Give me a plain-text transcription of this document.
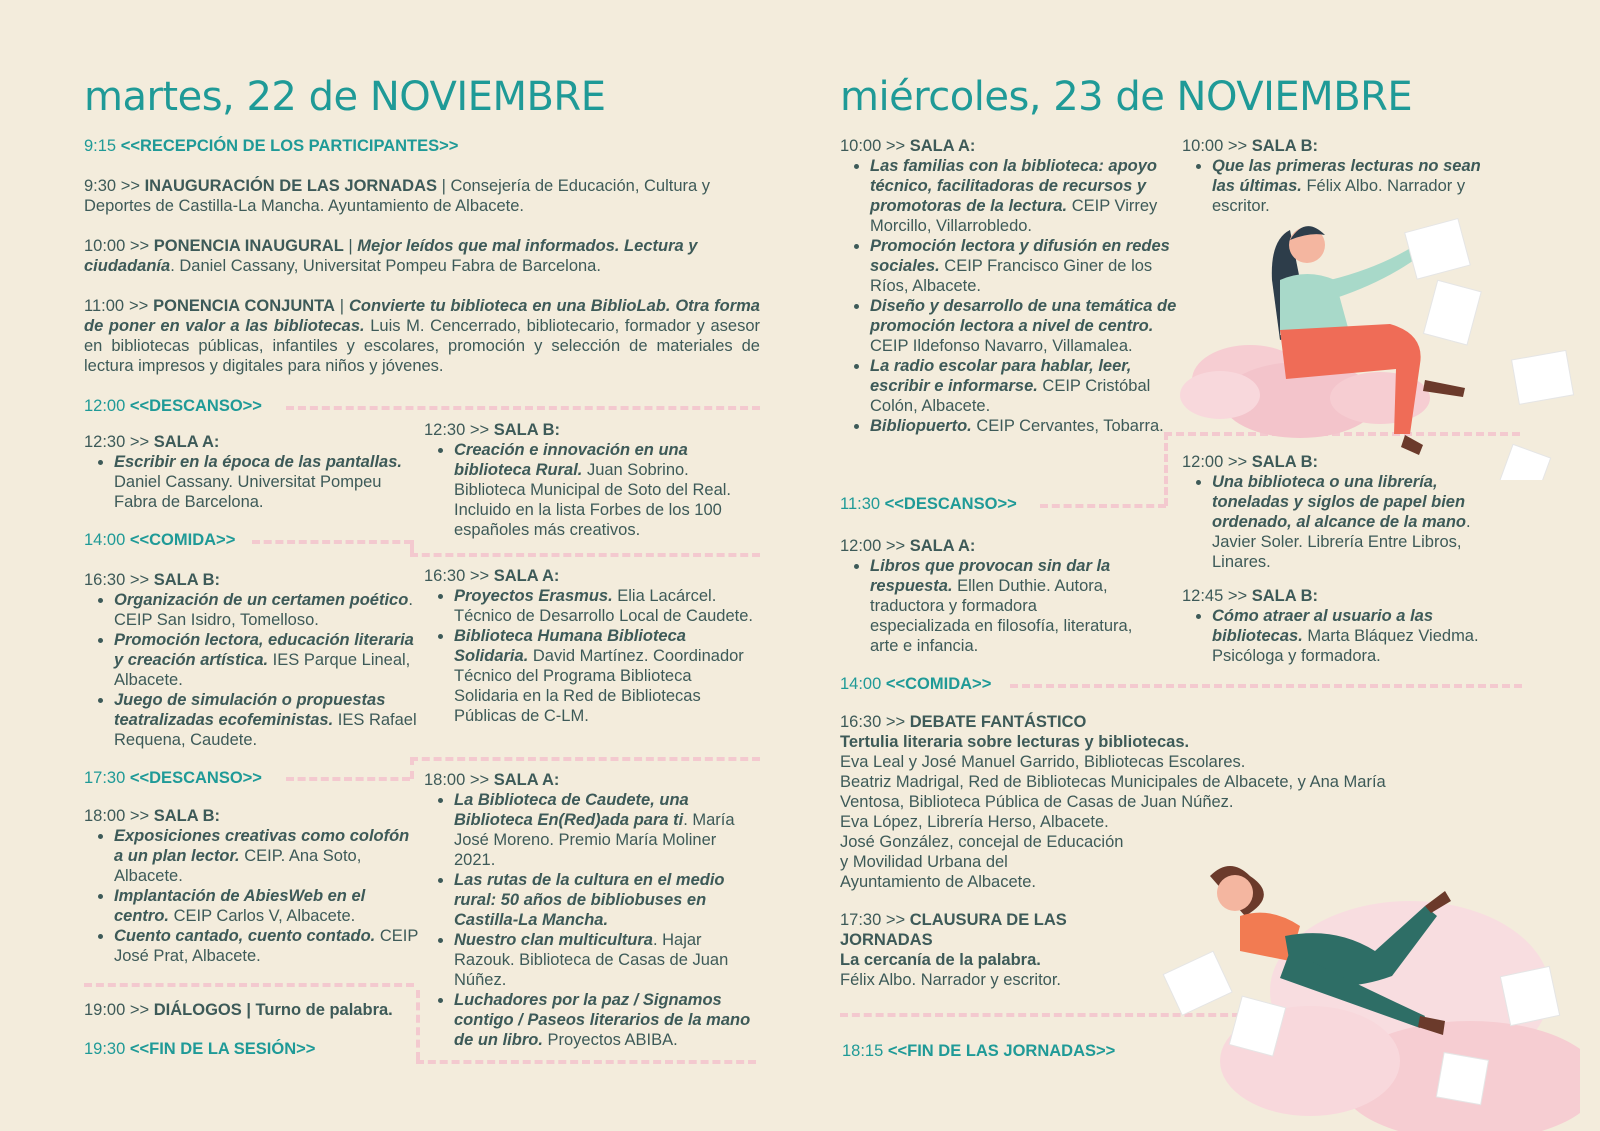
martes, 22 de NOVIEMBRE

9:15 <<RECEPCIÓN DE LOS PARTICIPANTES>>

9:30 >> INAUGURACIÓN DE LAS JORNADAS | Consejería de Educación, Cultura y Deportes de Castilla-La Mancha. Ayuntamiento de Albacete.

10:00 >> PONENCIA INAUGURAL | Mejor leídos que mal informados. Lectura y ciudadanía. Daniel Cassany, Universitat Pompeu Fabra de Barcelona.

11:00 >> PONENCIA CONJUNTA | Convierte tu biblioteca en una BiblioLab. Otra forma de poner en valor a las bibliotecas. Luis M. Cencerrado, bibliotecario, formador y asesor en bibliotecas públicas, infantiles y escolares, promoción y selección de materiales de lectura impresos y digitales para niños y jóvenes.

12:00 <<DESCANSO>>

12:30 >> SALA A:

• Escribir en la época de las pantallas. Daniel Cassany. Universitat Pompeu Fabra de Barcelona.

12:30 >> SALA B:

• Creación e innovación en una biblioteca Rural. Juan Sobrino. Biblioteca Municipal de Soto del Real. Incluido en la lista Forbes de los 100 españoles más creativos.

14:00 <<COMIDA>>

16:30 >> SALA B:

• Organización de un certamen poético. CEIP San Isidro, Tomelloso.
• Promoción lectora, educación literaria y creación artística. IES Parque Lineal, Albacete.
• Juego de simulación o propuestas teatralizadas ecofeministas. IES Rafael Requena, Caudete.

16:30 >> SALA A:

• Proyectos Erasmus. Elia Lacárcel. Técnico de Desarrollo Local de Caudete.
• Biblioteca Humana Biblioteca Solidaria. David Martínez. Coordinador Técnico del Programa Biblioteca Solidaria en la Red de Bibliotecas Públicas de C-LM.

17:30 <<DESCANSO>>

18:00 >> SALA B:

• Exposiciones creativas como colofón a un plan lector. CEIP. Ana Soto, Albacete.
• Implantación de AbiesWeb en el centro. CEIP Carlos V, Albacete.
• Cuento cantado, cuento contado. CEIP José Prat, Albacete.

18:00 >> SALA A:

• La Biblioteca de Caudete, una Biblioteca En(Red)ada para ti. María José Moreno. Premio María Moliner 2021.
• Las rutas de la cultura en el medio rural: 50 años de bibliobuses en Castilla-La Mancha.
• Nuestro clan multicultura. Hajar Razouk. Biblioteca de Casas de Juan Núñez.
• Luchadores por la paz / Signamos contigo / Paseos literarios de la mano de un libro. Proyectos ABIBA.

19:00 >> DIÁLOGOS | Turno de palabra.

19:30 <<FIN DE LA SESIÓN>>

miércoles, 23 de NOVIEMBRE

10:00 >> SALA A:

• Las familias con la biblioteca: apoyo técnico, facilitadoras de recursos y promotoras de la lectura. CEIP Virrey Morcillo, Villarrobledo.
• Promoción lectora y difusión en redes sociales. CEIP Francisco Giner de los Ríos, Albacete.
• Diseño y desarrollo de una temática de promoción lectora a nivel de centro. CEIP Ildefonso Navarro, Villamalea.
• La radio escolar para hablar, leer, escribir e informarse. CEIP Cristóbal Colón, Albacete.
• Bibliopuerto. CEIP Cervantes, Tobarra.

10:00 >> SALA B:

• Que las primeras lecturas no sean las últimas. Félix Albo. Narrador y escritor.

11:30 <<DESCANSO>>

12:00 >> SALA B:

• Una biblioteca o una librería, toneladas y siglos de papel bien ordenado, al alcance de la mano. Javier Soler. Librería Entre Libros, Linares.

12:00 >> SALA A:

• Libros que provocan sin dar la respuesta. Ellen Duthie. Autora, traductora y formadora especializada en filosofía, literatura, arte e infancia.

12:45 >> SALA B:

• Cómo atraer al usuario a las bibliotecas. Marta Bláquez Viedma. Psicóloga y formadora.

14:00 <<COMIDA>>

16:30 >> DEBATE FANTÁSTICO

Tertulia literaria sobre lecturas y bibliotecas.

Eva Leal y José Manuel Garrido, Bibliotecas Escolares.

Beatriz Madrigal, Red de Bibliotecas Municipales de Albacete, y Ana María

Ventosa, Biblioteca Pública de Casas de Juan Núñez.

Eva López, Librería Herso, Albacete.

José González, concejal de Educación

y Movilidad Urbana del

Ayuntamiento de Albacete.

17:30 >> CLAUSURA DE LAS

JORNADAS

La cercanía de la palabra.

Félix Albo. Narrador y escritor.

18:15 <<FIN DE LAS JORNADAS>>
